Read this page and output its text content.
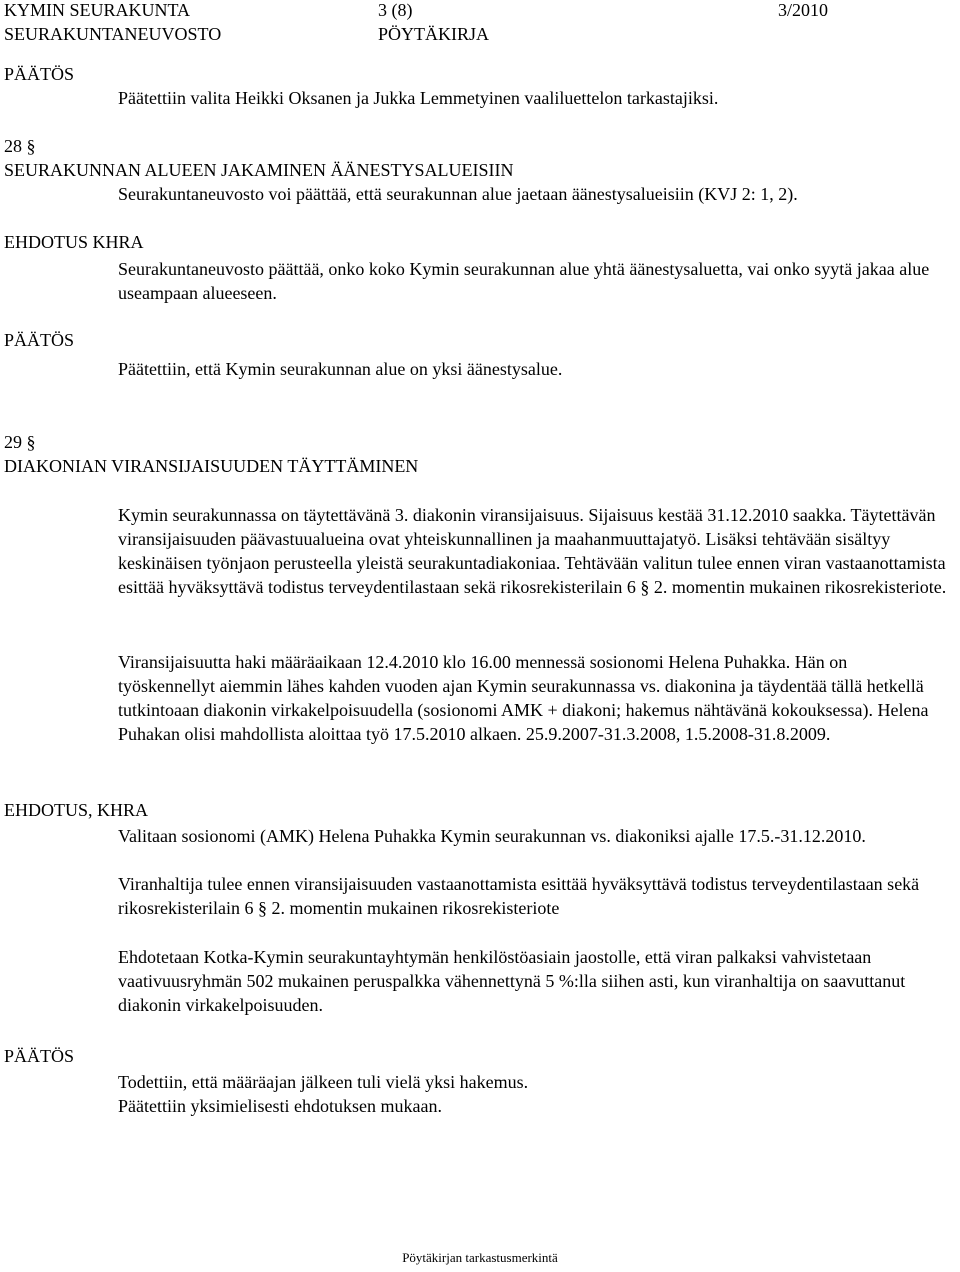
KYMIN SEURAKUNTA	3 (8)	3/2010
SEURAKUNTANEUVOSTO	PÖYTÄKIRJA
PÄÄTÖS
Päätettiin valita Heikki Oksanen ja Jukka Lemmetyinen vaaliluettelon tarkastajiksi.
28 §
SEURAKUNNAN ALUEEN JAKAMINEN ÄÄNESTYSALUEISIIN
Seurakuntaneuvosto voi päättää, että seurakunnan alue jaetaan äänestysalueisiin (KVJ 2: 1, 2).
EHDOTUS KHRA
Seurakuntaneuvosto päättää, onko koko Kymin seurakunnan alue yhtä äänestysaluetta, vai onko syytä jakaa alue useampaan alueeseen.
PÄÄTÖS
Päätettiin, että Kymin seurakunnan alue on yksi äänestysalue.
29 §
DIAKONIAN VIRANSIJAISUUDEN TÄYTTÄMINEN
Kymin seurakunnassa on täytettävänä 3. diakonin viransijaisuus. Sijaisuus kestää 31.12.2010 saakka. Täytettävän viransijaisuuden päävastuualueina ovat yhteiskunnallinen ja maahanmuuttajatyö. Lisäksi tehtävään sisältyy keskinäisen työnjaon perusteella yleistä seurakuntadiakoniaa. Tehtävään valitun tulee ennen viran vastaanottamista esittää hyväksyttävä todistus terveydentilastaan sekä rikosrekisterilain 6 § 2. momentin mukainen rikosrekisteriote.
Viransijaisuutta haki määräaikaan 12.4.2010 klo 16.00 mennessä sosionomi Helena Puhakka. Hän on työskennellyt aiemmin lähes kahden vuoden ajan Kymin seurakunnassa vs. diakonina ja täydentää tällä hetkellä tutkintoaan diakonin virkakelpoisuudella (sosionomi AMK + diakoni; hakemus nähtävänä kokouksessa). Helena Puhakan olisi mahdollista aloittaa työ 17.5.2010 alkaen. 25.9.2007-31.3.2008, 1.5.2008-31.8.2009.
EHDOTUS, KHRA
Valitaan sosionomi (AMK) Helena Puhakka Kymin seurakunnan vs. diakoniksi ajalle 17.5.-31.12.2010.
Viranhaltija tulee ennen viransijaisuuden vastaanottamista esittää hyväksyttävä todistus terveydentilastaan sekä rikosrekisterilain 6 § 2. momentin mukainen rikosrekisteriote
Ehdotetaan Kotka-Kymin seurakuntayhtymän henkilöstöasiain jaostolle, että viran palkaksi vahvistetaan vaativuusryhmän 502 mukainen peruspalkka vähennettynä 5 %:lla siihen asti, kun viranhaltija on saavuttanut diakonin virkakelpoisuuden.
PÄÄTÖS
Todettiin, että määräajan jälkeen tuli vielä yksi hakemus.
Päätettiin yksimielisesti ehdotuksen mukaan.
Pöytäkirjan tarkastusmerkintä
